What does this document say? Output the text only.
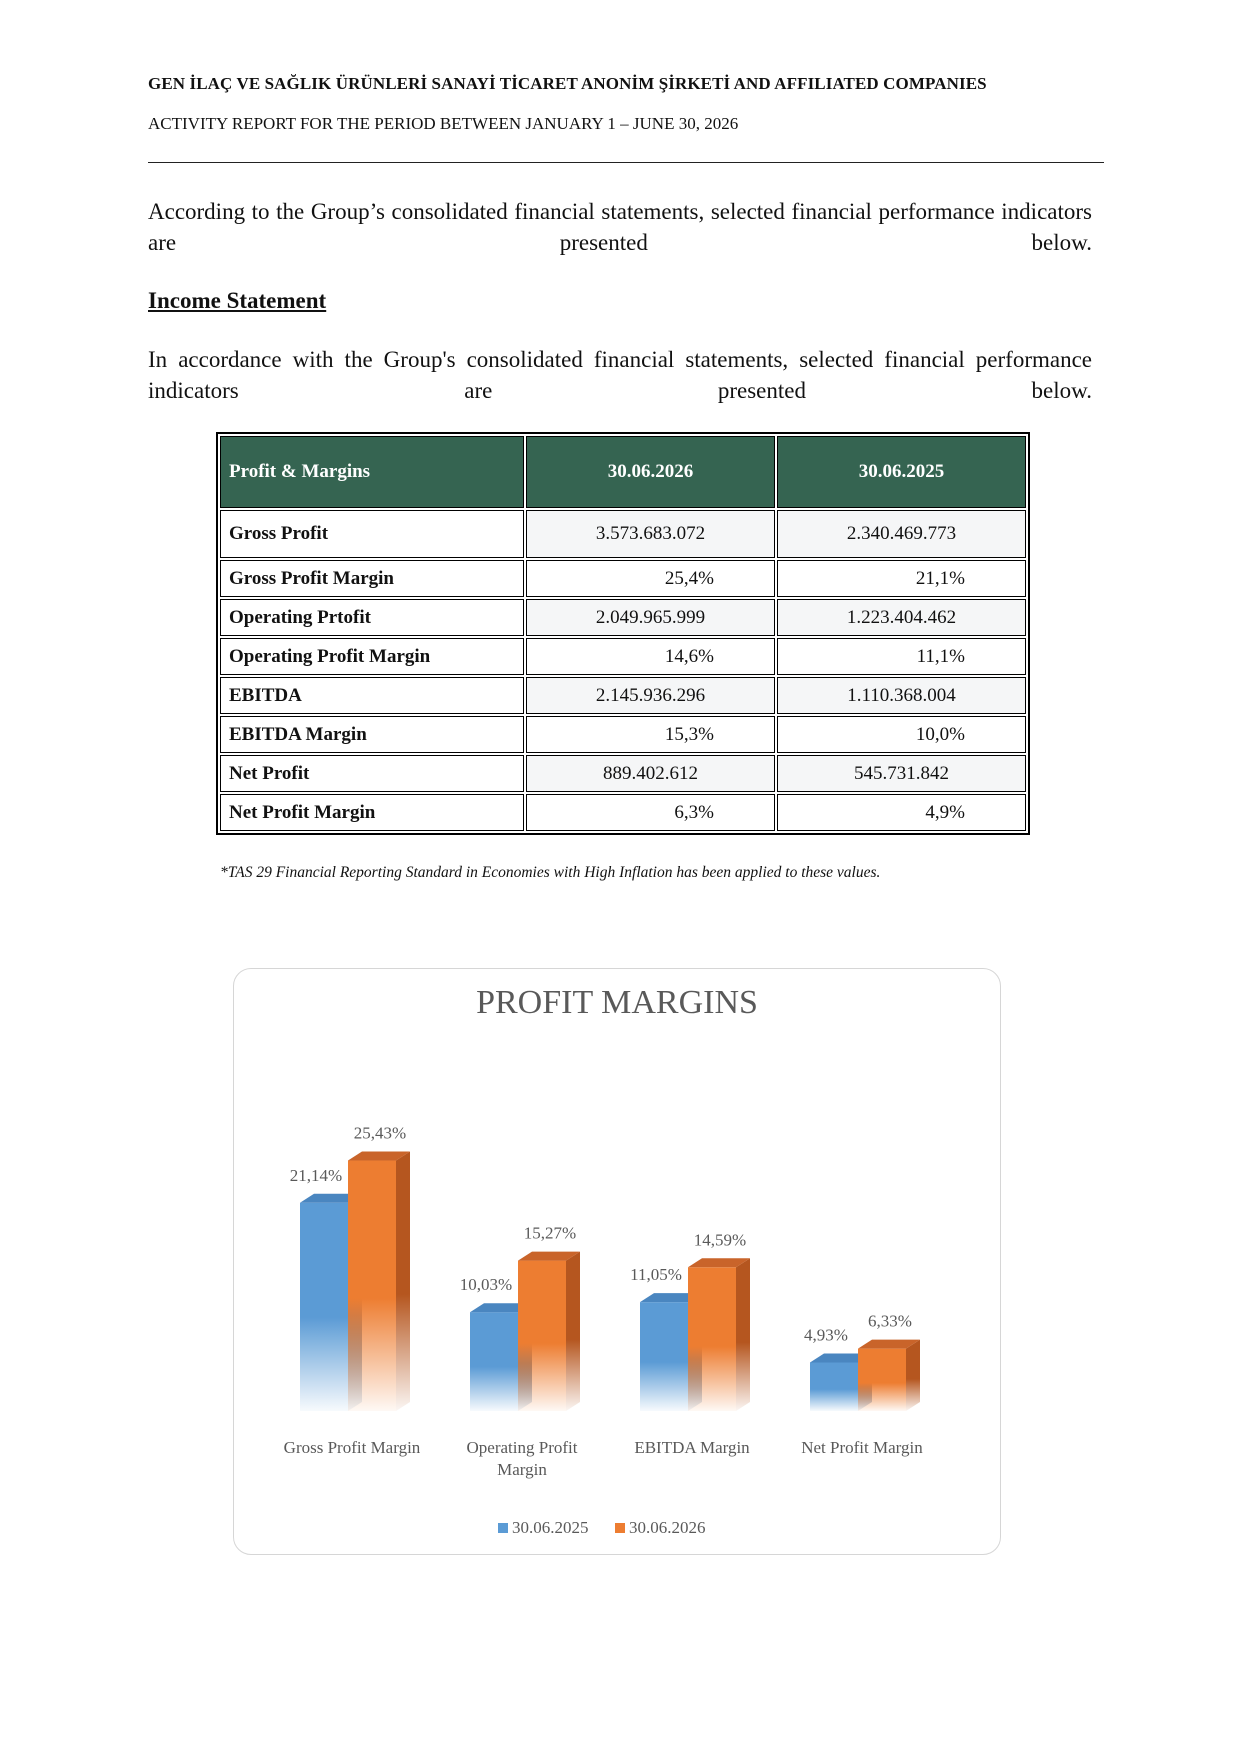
GEN İLAÇ VE SAĞLIK ÜRÜNLERİ SANAYİ TİCARET ANONİM ŞİRKETİ AND AFFILIATED COMPANIES
ACTIVITY REPORT FOR THE PERIOD BETWEEN JANUARY 1 – JUNE 30, 2026
According to the Group’s consolidated financial statements, selected financial performance indicators are presented below.
Income Statement
In accordance with the Group's consolidated financial statements, selected financial performance indicators are presented below.
Profit & Margins	30.06.2026	30.06.2025
Gross Profit	3.573.683.072	2.340.469.773
Gross Profit Margin	25,4%	21,1%
Operating Prtofit	2.049.965.999	1.223.404.462
Operating Profit Margin	14,6%	11,1%
EBITDA	2.145.936.296	1.110.368.004
EBITDA Margin	15,3%	10,0%
Net Profit	889.402.612	545.731.842
Net Profit Margin	6,3%	4,9%
*TAS 29 Financial Reporting Standard in Economies with High Inflation has been applied to these values.
PROFIT MARGINS
21,14%
25,43%
Gross Profit Margin
10,03%
15,27%
Operating Profit
Margin
11,05%
14,59%
EBITDA Margin
4,93%
6,33%
Net Profit Margin
30.06.2025 30.06.2026
